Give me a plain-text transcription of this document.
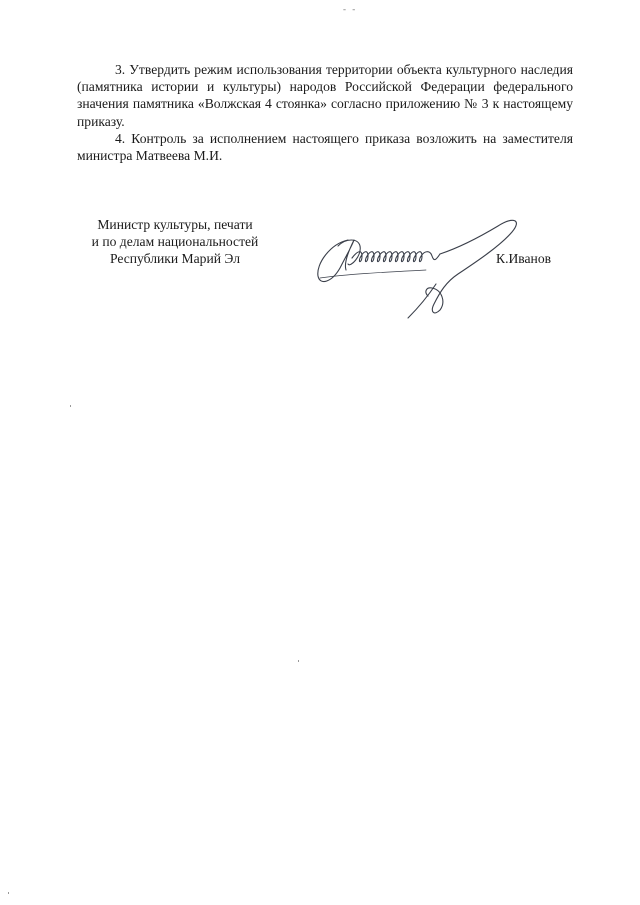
- -

3. Утвердить режим использования территории объекта культурного наследия (памятника истории и культуры) народов Российской Федерации федерального значения памятника «Волжская 4 стоянка» согласно приложению № 3 к настоящему приказу.

4. Контроль за исполнением настоящего приказа возложить на заместителя министра Матвеева М.И.

Министр культуры, печати
и по делам национальностей
Республики Марий Эл	К.Иванов
